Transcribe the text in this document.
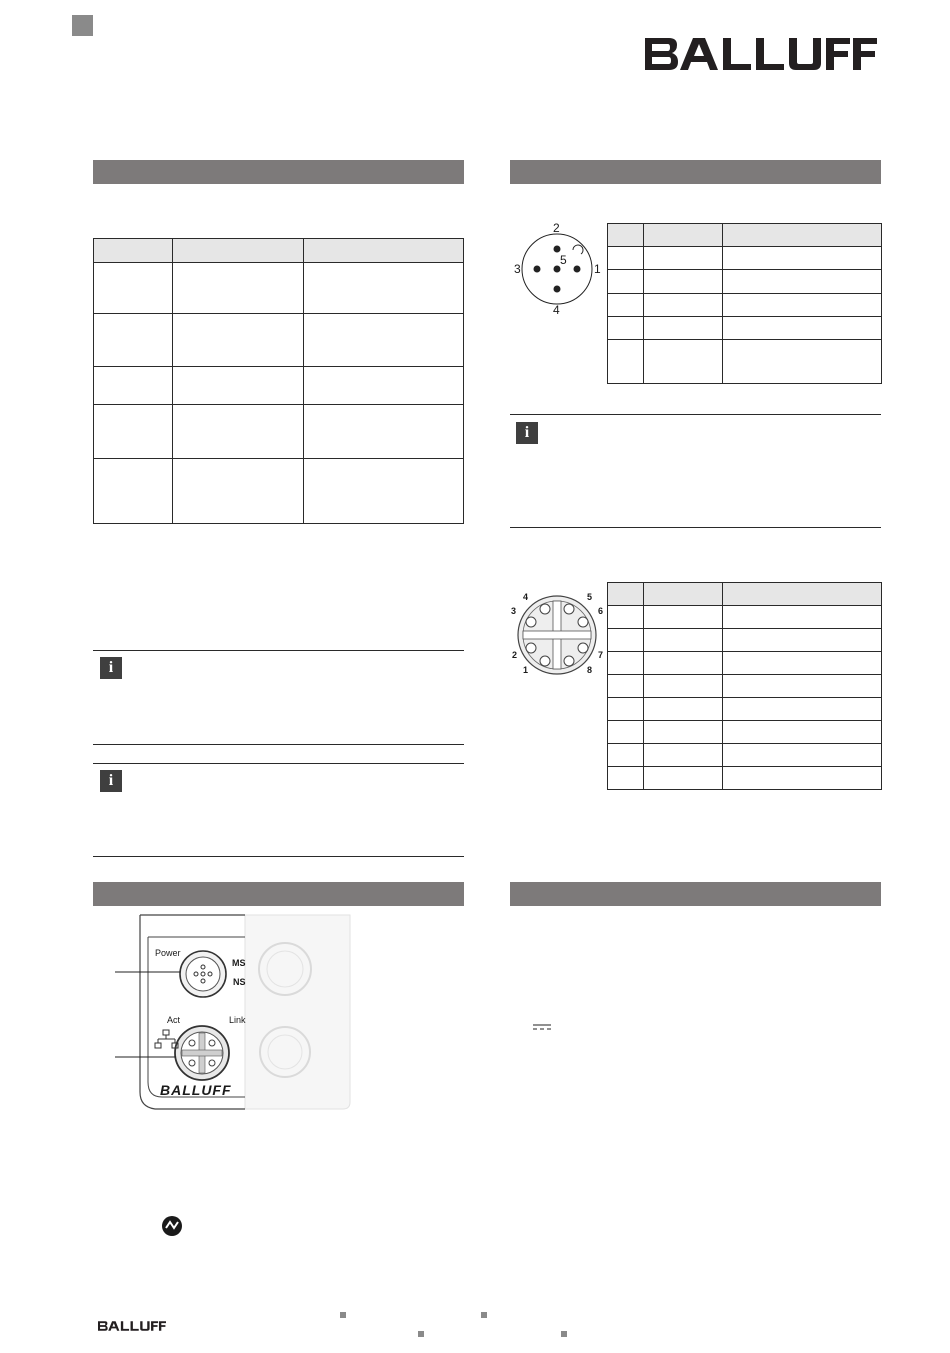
i
i
2
3
5
1
4

i
4	5
3	6
2	7
1	8

Power
MS
NS
Act	Link
BALLUFF
